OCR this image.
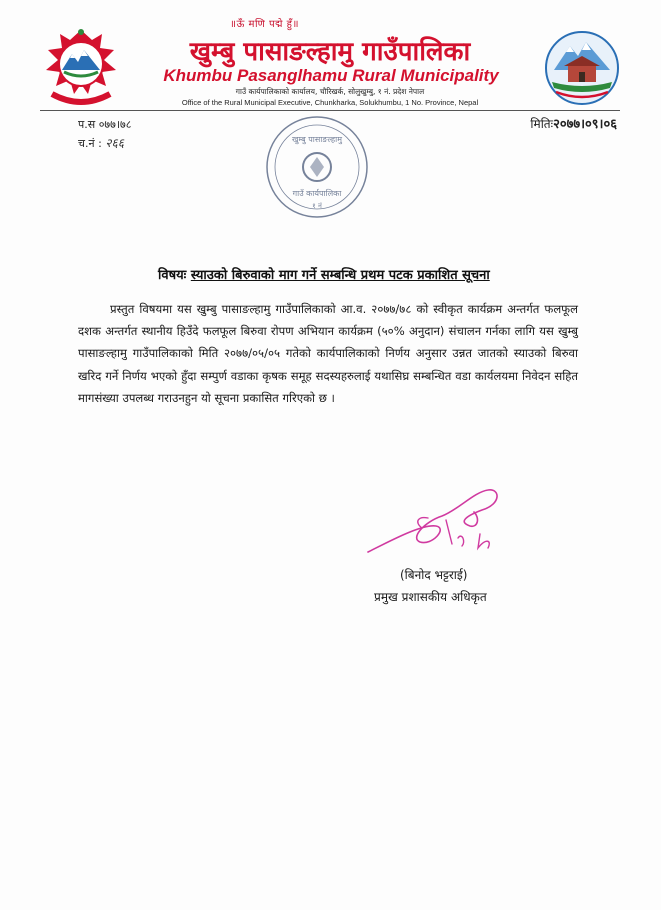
॥ऊँ मणि पद्मे हुँ॥
खुम्बु पासाङल्हामु गाउँपालिका
Khumbu Pasanglhamu Rural Municipality
गाउँ कार्यपालिकाको कार्यालय, चौरिखर्क, सोलुखुम्बु, १ नं. प्रदेश नेपाल
Office of the Rural Municipal Executive, Chunkharka, Solukhumbu, 1 No. Province, Nepal
प.स ०७७।७८
च.नं : २६६
मितिः२०७७।०९।०६
खुम्बु पासाङल्हामु
गाउँ कार्यपालिका
१ नं
विषयः स्याउको बिरुवाको माग गर्ने सम्बन्धि प्रथम पटक प्रकाशित सूचना
प्रस्तुत विषयमा यस खुम्बु पासाङल्हामु गाउँपालिकाको आ.व. २०७७/७८ को स्वीकृत कार्यक्रम अन्तर्गत फलफूल दशक अन्तर्गत स्थानीय हिउँदे फलफूल बिरुवा रोपण अभियान कार्यक्रम (५०% अनुदान) संचालन गर्नका लागि यस खुम्बु पासाङल्हामु गाउँपालिकाको मिति २०७७/०५/०५ गतेको कार्यपालिकाको निर्णय अनुसार उन्नत जातको स्याउको बिरुवा खरिद गर्ने निर्णय भएको हुँदा सम्पुर्ण वडाका कृषक समूह सदस्यहरुलाई यथासिघ्र सम्बन्धित वडा कार्यलयमा निवेदन सहित मागसंख्या उपलब्ध गराउनहुन यो सूचना प्रकासित गरिएको छ ।
(बिनोद भट्टराई)
प्रमुख प्रशासकीय अधिकृत
